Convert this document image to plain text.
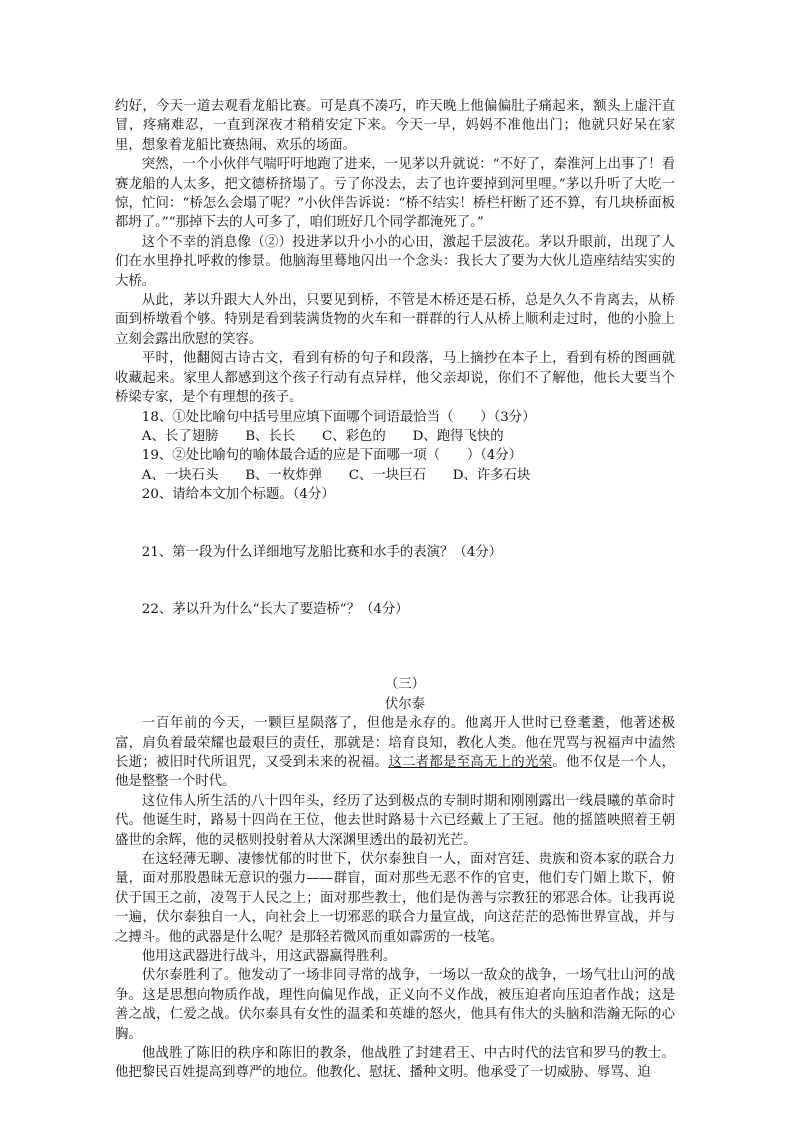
约好，今天一道去观看龙船比赛。可是真不凑巧，昨天晚上他偏偏肚子痛起来，额头上虚汗直冒，疼痛难忍，一直到深夜才稍稍安定下来。今天一早，妈妈不准他出门；他就只好呆在家里，想象着龙船比赛热闹、欢乐的场面。

突然，一个小伙伴气喘吁吁地跑了进来，一见茅以升就说：“不好了，秦淮河上出事了！看赛龙船的人太多，把文德桥挤塌了。亏了你没去，去了也许要掉到河里哩。”茅以升听了大吃一惊，忙问：“桥怎么会塌了呢？”小伙伴告诉说：“桥不结实！桥栏杆断了还不算，有几块桥面板都坍了。”“那掉下去的人可多了，咱们班好几个同学都淹死了。”

这个不幸的消息像（②）投进茅以升小小的心田，激起千层波花。茅以升眼前，出现了人们在水里挣扎呼救的惨景。他脑海里蓦地闪出一个念头：我长大了要为大伙儿造座结结实实的大桥。

从此，茅以升跟大人外出，只要见到桥，不管是木桥还是石桥，总是久久不肯离去，从桥面到桥墩看个够。特别是看到装满货物的火车和一群群的行人从桥上顺利走过时，他的小脸上立刻会露出欣慰的笑容。

平时，他翻阅古诗古文，看到有桥的句子和段落，马上摘抄在本子上，看到有桥的图画就收藏起来。家里人都感到这个孩子行动有点异样，他父亲却说，你们不了解他，他长大要当个桥梁专家，是个有理想的孩子。

18、①处比喻句中括号里应填下面哪个词语最恰当（　　）（3分）

A、长了翅膀　　B、长长　　C、彩色的　　D、跑得飞快的

19、②处比喻句的喻体最合适的应是下面哪一项（　　）（4分）

A、一块石头　　B、一枚炸弹　　C、一块巨石　　D、许多石块

20、请给本文加个标题。（4分）

21、第一段为什么详细地写龙船比赛和水手的表演？（4分）

22、茅以升为什么“长大了要造桥”？（4分）

（三）

伏尔泰

一百年前的今天，一颗巨星陨落了，但他是永存的。他离开人世时已登耄耋，他著述极富，肩负着最荣耀也最艰巨的责任，那就是：培育良知，教化人类。他在咒骂与祝福声中溘然长逝；被旧时代所诅咒，又受到未来的祝福。这二者都是至高无上的光荣。他不仅是一个人，他是整整一个时代。

这位伟人所生活的八十四年头，经历了达到极点的专制时期和刚刚露出一线晨曦的革命时代。他诞生时，路易十四尚在王位，他去世时路易十六已经戴上了王冠。他的摇篮映照着王朝盛世的余辉，他的灵柩则投射着从大深渊里透出的最初光芒。

在这轻薄无聊、凄惨忧郁的时世下，伏尔泰独自一人，面对宫廷、贵族和资本家的联合力量，面对那股愚昧无意识的强力——群盲，面对那些无恶不作的官吏，他们专门媚上欺下，俯伏于国王之前，凌驾于人民之上；面对那些教士，他们是伪善与宗教狂的邪恶合体。让我再说一遍，伏尔泰独自一人，向社会上一切邪恶的联合力量宣战，向这茫茫的恐怖世界宣战，并与之搏斗。他的武器是什么呢？是那轻若微风而重如霹雳的一枝笔。

他用这武器进行战斗，用这武器赢得胜利。

伏尔泰胜利了。他发动了一场非同寻常的战争，一场以一敌众的战争，一场气壮山河的战争。这是思想向物质作战，理性向偏见作战，正义向不义作战，被压迫者向压迫者作战；这是善之战，仁爱之战。伏尔泰具有女性的温柔和英雄的怒火，他具有伟大的头脑和浩瀚无际的心胸。

他战胜了陈旧的秩序和陈旧的教条，他战胜了封建君王、中古时代的法官和罗马的教士。他把黎民百姓提高到尊严的地位。他教化、慰抚、播种文明。他承受了一切威胁、辱骂、迫
